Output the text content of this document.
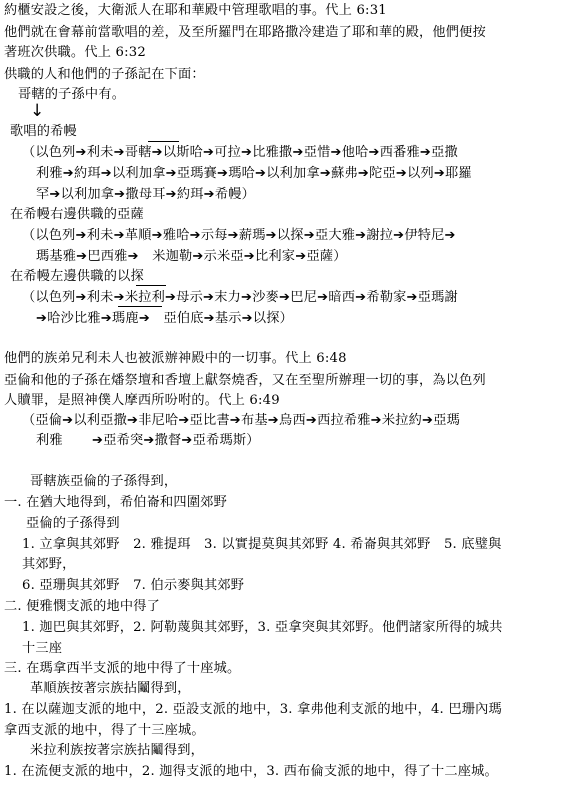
約櫃安設之後，大衛派人在耶和華殿中管理歌唱的事。代上 6:31
他們就在會幕前當歌唱的差，及至所羅門在耶路撒冷建造了耶和華的殿，他們便按
著班次供職。代上 6:32
供職的人和他們的子孫記在下面：
哥轄的子孫中有。
↓
歌唱的希幔
（以色列➔利未➔哥轄➔以斯哈➔可拉➔比雅撒➔亞惜➔他哈➔西番雅➔亞撒
利雅➔約珥➔以利加拿➔亞瑪賽➔瑪哈➔以利加拿➔蘇弗➔陀亞➔以列➔耶羅
罕➔以利加拿➔撒母耳➔約珥➔希幔）
在希幔右邊供職的亞薩
（以色列➔利未➔革順➔雅哈➔示每➔薪瑪➔以探➔亞大雅➔謝拉➔伊特尼➔
瑪基雅➔巴西雅➔　米迦勒➔示米亞➔比利家➔亞薩）
在希幔左邊供職的以探
（以色列➔利未➔米拉利➔母示➔末力➔沙麥➔巴尼➔暗西➔希勒家➔亞瑪謝
➔哈沙比雅➔瑪鹿➔　亞伯底➔基示➔以探）
他們的族弟兄利未人也被派辦神殿中的一切事。代上 6:48
亞倫和他的子孫在燔祭壇和香壇上獻祭燒香，又在至聖所辦理一切的事，為以色列
人贖罪，是照神僕人摩西所吩咐的。代上 6:49
（亞倫➔以利亞撒➔非尼哈➔亞比書➔布基➔烏西➔西拉希雅➔米拉約➔亞瑪
利雅 ➔亞希突➔撒督➔亞希瑪斯）
哥轄族亞倫的子孫得到，
一. 在猶大地得到，希伯崙和四圍郊野
亞倫的子孫得到
1. 立拿與其郊野　2. 雅提珥　3. 以實提莫與其郊野 4. 希崙與其郊野　5. 底璧與
其郊野，
6. 亞珊與其郊野　7. 伯示麥與其郊野
二. 便雅憫支派的地中得了
1. 迦巴與其郊野，2. 阿勒蔑與其郊野，3. 亞拿突與其郊野。他們諸家所得的城共
十三座
三. 在瑪拿西半支派的地中得了十座城。
革順族按著宗族拈鬮得到，
1. 在以薩迦支派的地中，2. 亞設支派的地中，3. 拿弗他利支派的地中，4. 巴珊內瑪
拿西支派的地中，得了十三座城。
米拉利族按著宗族拈鬮得到，
1. 在流便支派的地中，2. 迦得支派的地中，3. 西布倫支派的地中，得了十二座城。
